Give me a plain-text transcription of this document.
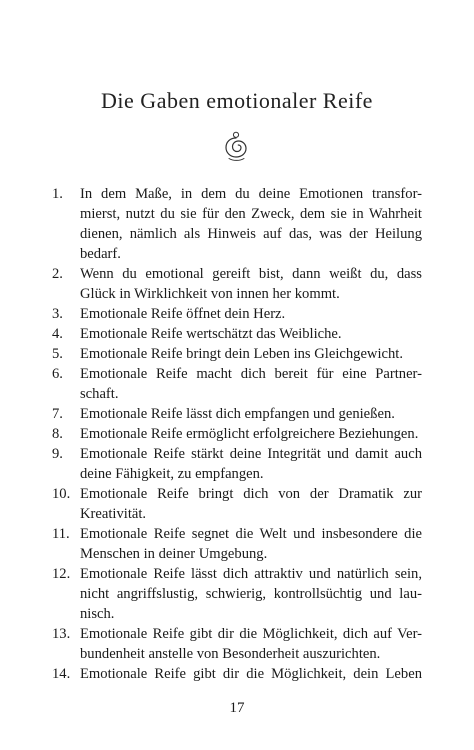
Die Gaben emotionaler Reife
1.	In dem Maße, in dem du deine Emotionen transfor-
mierst, nutzt du sie für den Zweck, dem sie in Wahrheit
dienen, nämlich als Hinweis auf das, was der Heilung
bedarf.
2.	Wenn du emotional gereift bist, dann weißt du, dass
Glück in Wirklichkeit von innen her kommt.
3.	Emotionale Reife öffnet dein Herz.
4.	Emotionale Reife wertschätzt das Weibliche.
5.	Emotionale Reife bringt dein Leben ins Gleichgewicht.
6.	Emotionale Reife macht dich bereit für eine Partner-
schaft.
7.	Emotionale Reife lässt dich empfangen und genießen.
8.	Emotionale Reife ermöglicht erfolgreichere Beziehungen.
9.	Emotionale Reife stärkt deine Integrität und damit auch
deine Fähigkeit, zu empfangen.
10. Emotionale Reife bringt dich von der Dramatik zur
Kreativität.
11. Emotionale Reife segnet die Welt und insbesondere die
Menschen in deiner Umgebung.
12. Emotionale Reife lässt dich attraktiv und natürlich sein,
nicht angriffslustig, schwierig, kontrollsüchtig und lau-
nisch.
13. Emotionale Reife gibt dir die Möglichkeit, dich auf Ver-
bundenheit anstelle von Besonderheit auszurichten.
14. Emotionale Reife gibt dir die Möglichkeit, dein Leben
17
